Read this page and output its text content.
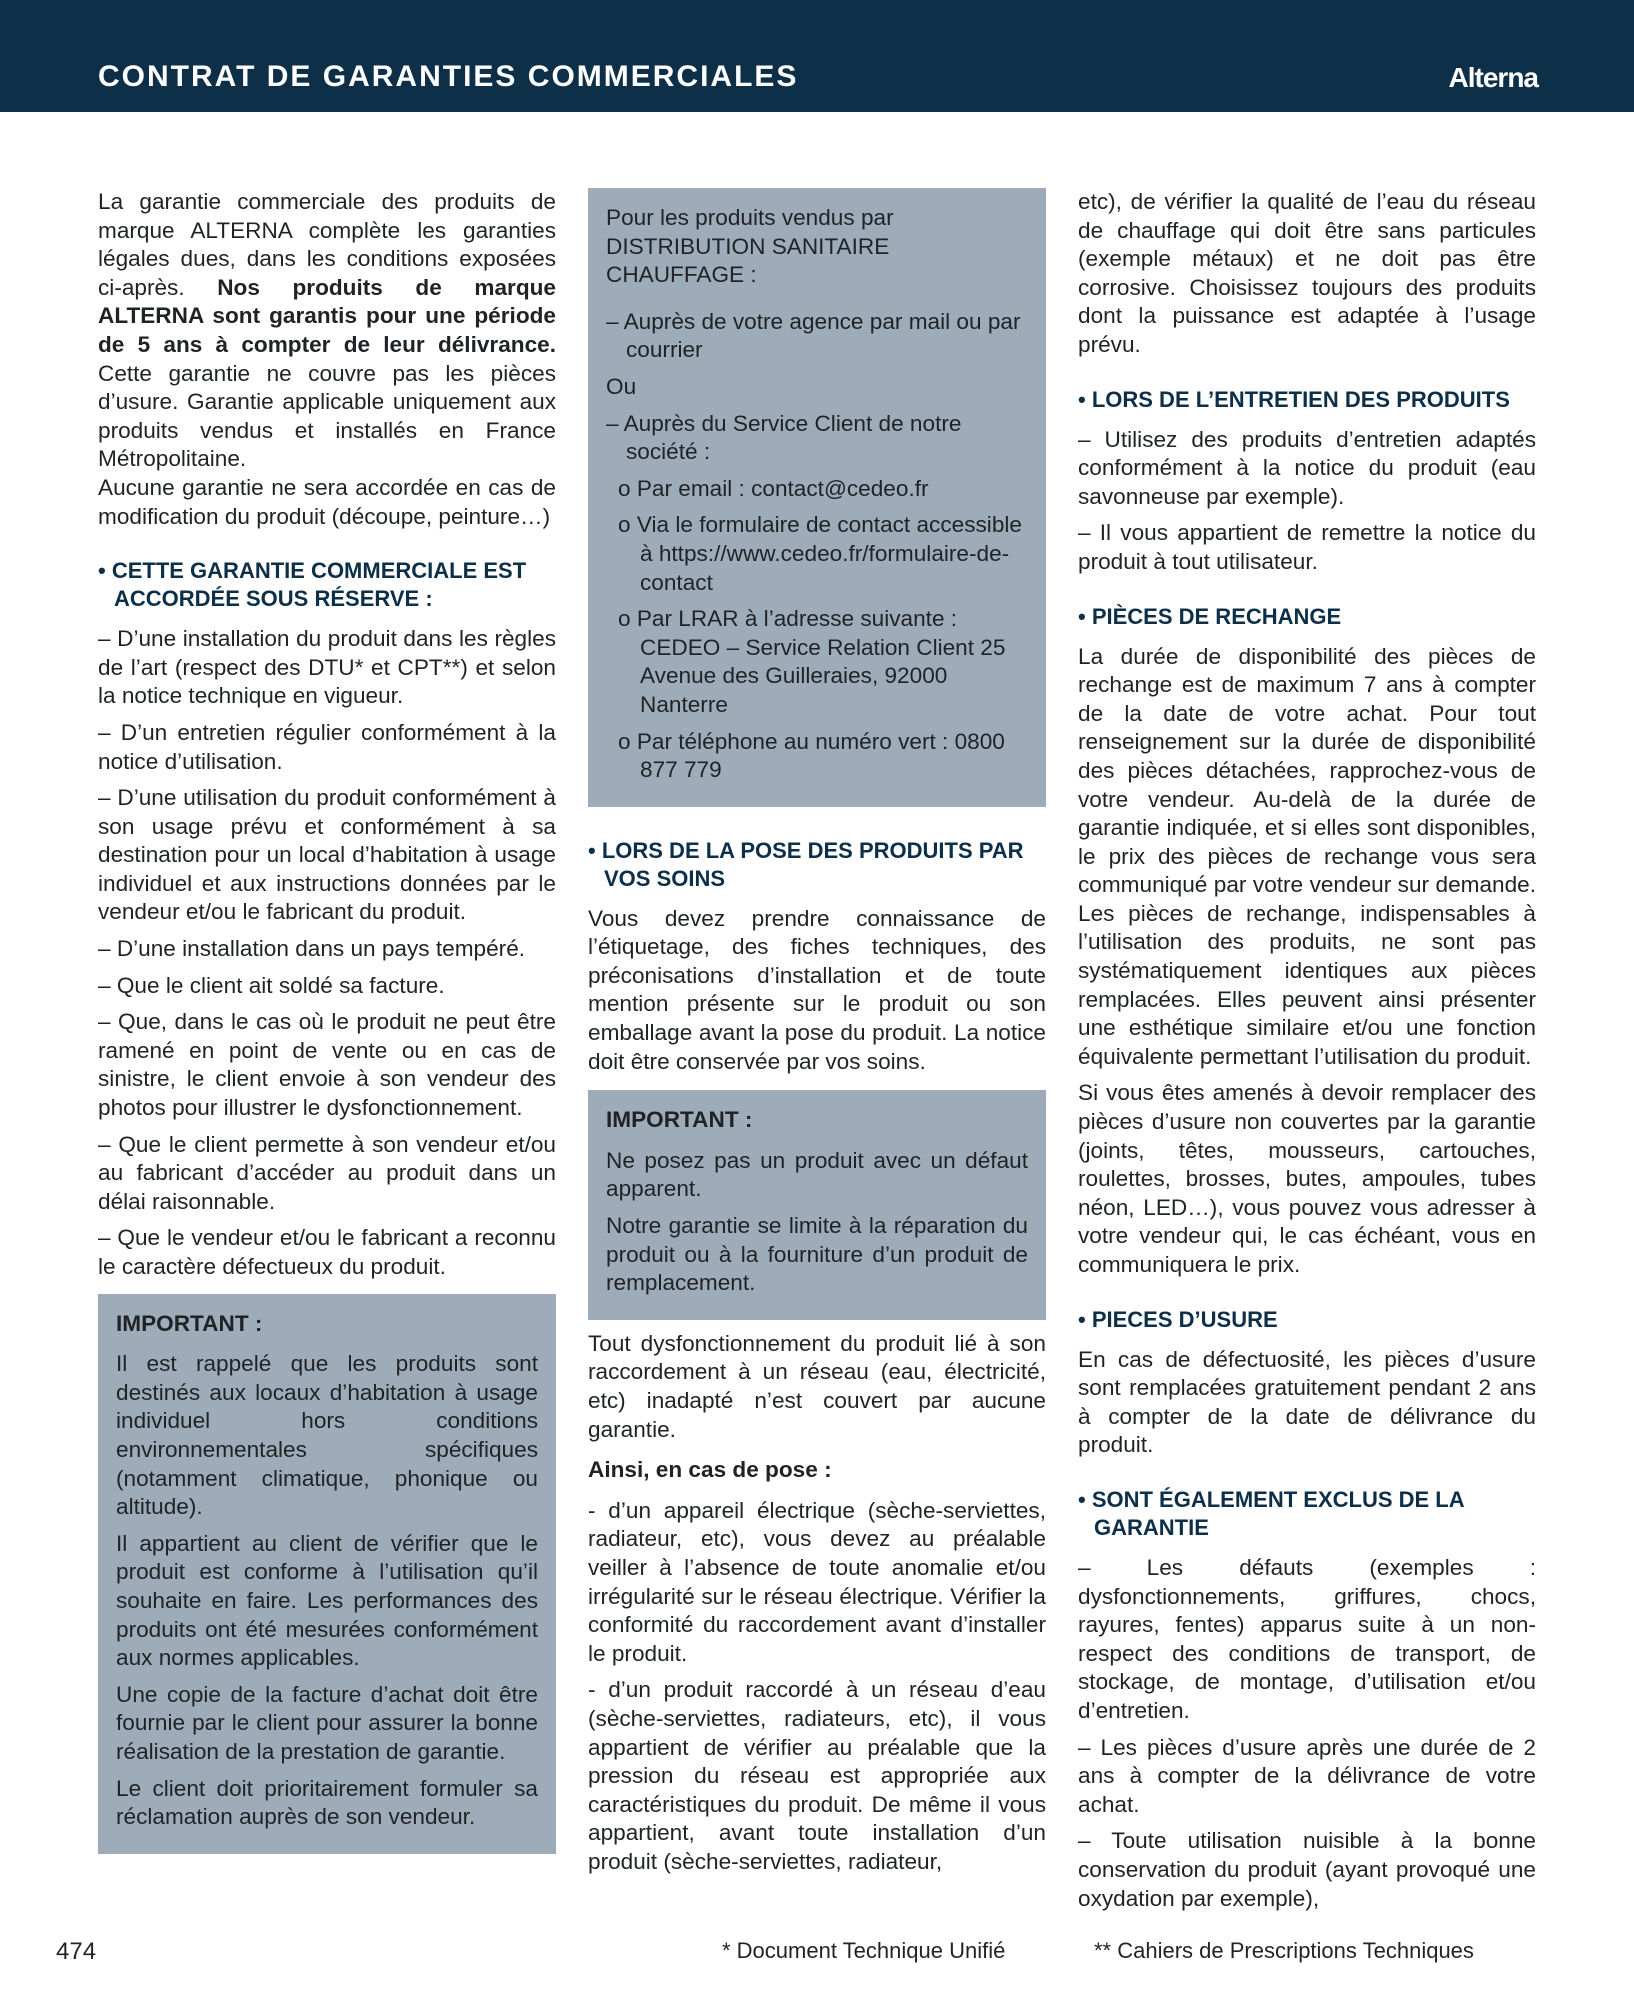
CONTRAT DE GARANTIES COMMERCIALES	Alterna

La garantie commerciale des produits de marque ALTERNA complète les garanties légales dues, dans les conditions exposées ci-après. Nos produits de marque ALTERNA sont garantis pour une période de 5 ans à compter de leur délivrance. Cette garantie ne couvre pas les pièces d’usure. Garantie applicable uniquement aux produits vendus et installés en France Métropolitaine.

Aucune garantie ne sera accordée en cas de modification du produit (découpe, peinture…)

• CETTE GARANTIE COMMERCIALE EST ACCORDÉE SOUS RÉSERVE :

– D’une installation du produit dans les règles de l’art (respect des DTU* et CPT**) et selon la notice technique en vigueur.

– D’un entretien régulier conformément à la notice d’utilisation.

– D’une utilisation du produit conformément à son usage prévu et conformément à sa destination pour un local d’habitation à usage individuel et aux instructions données par le vendeur et/ou le fabricant du produit.

– D’une installation dans un pays tempéré.

– Que le client ait soldé sa facture.

– Que, dans le cas où le produit ne peut être ramené en point de vente ou en cas de sinistre, le client envoie à son vendeur des photos pour illustrer le dysfonctionnement.

– Que le client permette à son vendeur et/ou au fabricant d’accéder au produit dans un délai raisonnable.

– Que le vendeur et/ou le fabricant a reconnu le caractère défectueux du produit.

IMPORTANT :

Il est rappelé que les produits sont destinés aux locaux d’habitation à usage individuel hors conditions environnementales spécifiques (notamment climatique, phonique ou altitude).

Il appartient au client de vérifier que le produit est conforme à l’utilisation qu’il souhaite en faire. Les performances des produits ont été mesurées conformément aux normes applicables.

Une copie de la facture d’achat doit être fournie par le client pour assurer la bonne réalisation de la prestation de garantie.

Le client doit prioritairement formuler sa réclamation auprès de son vendeur.

Pour les produits vendus par DISTRIBUTION SANITAIRE CHAUFFAGE :

– Auprès de votre agence par mail ou par courrier

Ou

– Auprès du Service Client de notre société :

o Par email : contact@cedeo.fr

o Via le formulaire de contact accessible à https://www.cedeo.fr/formulaire-de-contact

o Par LRAR à l’adresse suivante : CEDEO – Service Relation Client 25 Avenue des Guilleraies, 92000 Nanterre

o Par téléphone au numéro vert : 0800 877 779

• LORS DE LA POSE DES PRODUITS PAR VOS SOINS

Vous devez prendre connaissance de l’étiquetage, des fiches techniques, des préconisations d’installation et de toute mention présente sur le produit ou son emballage avant la pose du produit. La notice doit être conservée par vos soins.

IMPORTANT :

Ne posez pas un produit avec un défaut apparent.

Notre garantie se limite à la réparation du produit ou à la fourniture d’un produit de remplacement.

Tout dysfonctionnement du produit lié à son raccordement à un réseau (eau, électricité, etc) inadapté n’est couvert par aucune garantie.

Ainsi, en cas de pose :

- d’un appareil électrique (sèche-serviettes, radiateur, etc), vous devez au préalable veiller à l’absence de toute anomalie et/ou irrégularité sur le réseau électrique. Vérifier la conformité du raccordement avant d’installer le produit.

- d’un produit raccordé à un réseau d’eau (sèche-serviettes, radiateurs, etc), il vous appartient de vérifier au préalable que la pression du réseau est appropriée aux caractéristiques du produit. De même il vous appartient, avant toute installation d’un produit (sèche-serviettes, radiateur,

etc), de vérifier la qualité de l’eau du réseau de chauffage qui doit être sans particules (exemple métaux) et ne doit pas être corrosive. Choisissez toujours des produits dont la puissance est adaptée à l’usage prévu.

• LORS DE L’ENTRETIEN DES PRODUITS

– Utilisez des produits d’entretien adaptés conformément à la notice du produit (eau savonneuse par exemple).

– Il vous appartient de remettre la notice du produit à tout utilisateur.

• PIÈCES DE RECHANGE

La durée de disponibilité des pièces de rechange est de maximum 7 ans à compter de la date de votre achat. Pour tout renseignement sur la durée de disponibilité des pièces détachées, rapprochez-vous de votre vendeur. Au-delà de la durée de garantie indiquée, et si elles sont disponibles, le prix des pièces de rechange vous sera communiqué par votre vendeur sur demande. Les pièces de rechange, indispensables à l’utilisation des produits, ne sont pas systématiquement identiques aux pièces remplacées. Elles peuvent ainsi présenter une esthétique similaire et/ou une fonction équivalente permettant l’utilisation du produit.

Si vous êtes amenés à devoir remplacer des pièces d’usure non couvertes par la garantie (joints, têtes, mousseurs, cartouches, roulettes, brosses, butes, ampoules, tubes néon, LED…), vous pouvez vous adresser à votre vendeur qui, le cas échéant, vous en communiquera le prix.

• PIECES D’USURE

En cas de défectuosité, les pièces d’usure sont remplacées gratuitement pendant 2 ans à compter de la date de délivrance du produit.

• SONT ÉGALEMENT EXCLUS DE LA GARANTIE

– Les défauts (exemples : dysfonctionnements, griffures, chocs, rayures, fentes) apparus suite à un non-respect des conditions de transport, de stockage, de montage, d’utilisation et/ou d’entretien.

– Les pièces d’usure après une durée de 2 ans à compter de la délivrance de votre achat.

– Toute utilisation nuisible à la bonne conservation du produit (ayant provoqué une oxydation par exemple),

474	* Document Technique Unifié	** Cahiers de Prescriptions Techniques
